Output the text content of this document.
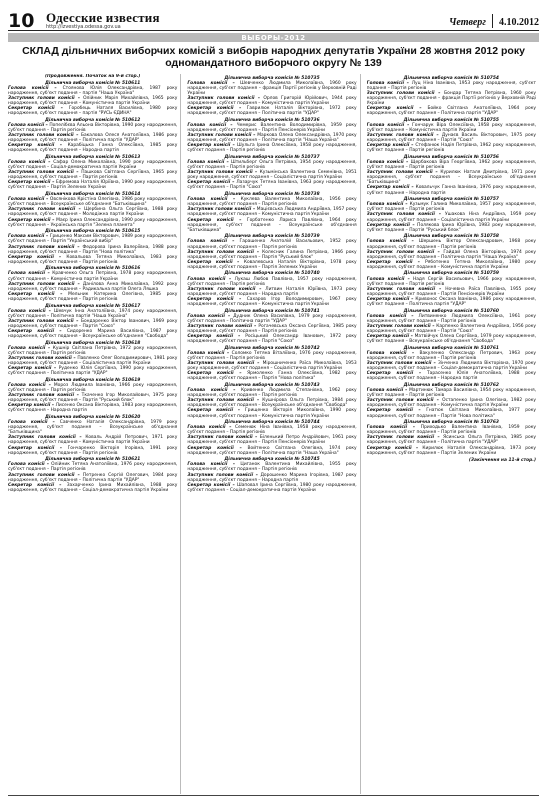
10 Одесские известия
http://izvestiya.odessa.gov.ua	Четверг 4.10.2012
ВЫБОРЫ-2012
СКЛАД дільничних виборчих комісій з виборів народних депутатів України 28 жовтня 2012 року одномандатного виборчого округу № 139
(Продовження. Початок на 9-й стор.)
Дільнична виборча комісія № 510611
Голова комісії – Стоянова Юлія Олександрівна, 1987 року народження, суб'єкт подання – партія "Наша Україна"
Заступник голови комісії – Олійник Марія Михайлівна, 1965 року народження, суб'єкт подання – Комуністична партія України
Секретар комісії – Горобець Наталя Василівна, 1980 року народження, суб'єкт подання – партія "РУСЬ ЄДИНА"
Дільнична виборча комісія № 510612
Голова комісії – Попелібєва Альона Вікторівна, 1990 року народження, суб'єкт подання – Партія регіонів
Заступник голови комісії – Бакалова Олеся Анатоліївна, 1986 року народження, суб'єкт подання – Політична партія "УДАР"
Секретар комісії – Карабіцька Ганна Олексіївна, 1985 року народження, суб'єкт подання – Народна партія
Дільнична виборча комісія № 510613
Голова комісії – Сафар Олена Миколаївна, 1990 року народження, суб'єкт подання – Соціал-демократична партія України
Заступник голови комісії – Пашкова Світлана Сергіївна, 1965 року народження, суб'єкт подання – Партія регіонів
Секретар комісії – Ефремова Наталія Юріївна, 1990 року народження, суб'єкт подання – Партія Зелених України
Дільнична виборча комісія № 510614
Голова комісії – Овсянікова Крістіна Олегівна, 1986 року народження, суб'єкт подання – Всеукраїнське об'єднання "Батьківщина"
Заступник голови комісії – Щербина Ольга Сергіївна, 1988 року народження, суб'єкт подання – Молодіжна партія України
Секретар комісії – Маєр Ірина Олександрівна, 1990 року народження, суб'єкт подання – Українська партія "Зелена планета"
Дільнична виборча комісія № 510615
Голова комісії – Гриценко Максим Вікторович, 1989 року народження, суб'єкт подання – Партія "Український вибір"
Заступник голови комісії – Федорова Ірина Валеріївна, 1988 року народження, суб'єкт подання – Партія "Нова політика"
Секретар комісії – Ковальова Тетяна Миколаївна, 1983 року народження, суб'єкт подання – Партія регіонів
Дільнична виборча комісія № 510616
Голова комісії – Кравченко Ольга Петрівна, 1978 року народження, суб'єкт подання – Комуністична партія України
Заступник голови комісії – Данілова Анна Миколаївна, 1992 року народження, суб'єкт подання – Радикальна партія Олега Ляшка
Секретар комісії – Мельник Катерина Олегівна, 1985 року народження, суб'єкт подання – Партія регіонів
Дільнична виборча комісія № 510617
Голова комісії – Шевчук Інна Анатоліївна, 1974 року народження, суб'єкт подання – Політична партія "Наша Україна"
Заступник голови комісії – Бондаренко Віктор Іванович, 1969 року народження, суб'єкт подання – Партія "Союз"
Секретар комісії – Сидоренко Марина Василівна, 1987 року народження, суб'єкт подання – Всеукраїнське об'єднання "Свобода"
Дільнична виборча комісія № 510618
Голова комісії – Кушнір Світлана Петрівна, 1972 року народження, суб'єкт подання – Партія регіонів
Заступник голови комісії – Павленко Олег Володимирович, 1981 року народження, суб'єкт подання – Соціалістична партія України
Секретар комісії – Руденко Юлія Сергіївна, 1990 року народження, суб'єкт подання – Політична партія "УДАР"
Дільнична виборча комісія № 510619
Голова комісії – Мороз Людмила Іванівна, 1966 року народження, суб'єкт подання – Партія регіонів
Заступник голови комісії – Ткаченко Ігор Миколайович, 1975 року народження, суб'єкт подання – Партія "Руський блок"
Секретар комісії – Лисенко Оксана Вікторівна, 1983 року народження, суб'єкт подання – Народна партія
Дільнична виборча комісія № 510620
Голова комісії – Савченко Наталія Олександрівна, 1979 року народження, суб'єкт подання – Всеукраїнське об'єднання "Батьківщина"
Заступник голови комісії – Коваль Андрій Петрович, 1971 року народження, суб'єкт подання – Комуністична партія України
Секретар комісії – Гончаренко Вікторія Ігорівна, 1991 року народження, суб'єкт подання – Партія регіонів
Дільнична виборча комісія № 510621
Голова комісії – Олійник Тетяна Анатоліївна, 1976 року народження, суб'єкт подання – Партія регіонів
Заступник голови комісії – Петренко Сергій Олегович, 1984 року народження, суб'єкт подання – Політична партія "УДАР"
Секретар комісії – Захарченко Ірина Михайлівна, 1988 року народження, суб'єкт подання – Соціал-демократична партія України
Дільнична виборча комісія № 510735
Голова комісії – Шевченко Людмила Миколаївна, 1960 року народження, суб'єкт подання – фракція Партії регіонів у Верховній Раді України
Заступник голови комісії – Орлов Григорій Юрійович, 1944 року народження, суб'єкт подання – Комуністична партія України
Секретар комісії – Гаврилюк Наталія Вікторівна, 1972 року народження, суб'єкт подання – Політична партія "УДАР"
Дільнична виборча комісія № 510736
Голова комісії – Чемерис Валентина Володимирівна, 1959 року народження, суб'єкт подання – Партія Пенсіонерів України
Заступник голови комісії – Маркова Олена Олександрівна, 1970 року народження, суб'єкт подання – Політична партія "Наша Україна"
Секретар комісії – Шульга Ірина Олексіївна, 1958 року народження, суб'єкт подання – Партія регіонів
Дільнична виборча комісія № 510737
Голова комісії – Штильберг Ольга Петрівна, 1954 року народження, суб'єкт подання – Партія регіонів
Заступник голови комісії – Кузьмінська Валентина Семенівна, 1951 року народження, суб'єкт подання – Соціалістична партія України
Секретар комісії – Лазарчук Тетяна Іванівна, 1963 року народження, суб'єкт подання – Партія "Союз"
Дільнична виборча комісія № 510738
Голова комісії – Куклева Валентина Миколаївна, 1956 року народження, суб'єкт подання – Партія регіонів
Заступник голови комісії – Мацієвська Людмила Андріївна, 1957 року народження, суб'єкт подання – Комуністична партія України
Секретар комісії – Горбатенко Лариса Павлівна, 1964 року народження, суб'єкт подання – Всеукраїнське об'єднання "Батьківщина"
Дільнична виборча комісія № 510739
Голова комісії – Гарашенко Анатолій Васильович, 1952 року народження, суб'єкт подання – Партія регіонів
Заступник голови комісії – Колесник Галина Петрівна, 1966 року народження, суб'єкт подання – Партія "Руський блок"
Секретар комісії – Ковалевська Наталія Вікторівна, 1978 року народження, суб'єкт подання – Партія Зелених України
Дільнична виборча комісія № 510740
Голова комісії – Лукаш Любов Павлівна, 1957 року народження, суб'єкт подання – Партія регіонів
Заступник голови комісії – Литвин Наталія Юріївна, 1973 року народження, суб'єкт подання – Народна партія
Секретар комісії – Сахаров Ігор Володимирович, 1967 року народження, суб'єкт подання – Комуністична партія України
Дільнична виборча комісія № 510741
Голова комісії – Дудник Олена Василівна, 1979 року народження, суб'єкт подання – Політична партія "УДАР"
Заступник голови комісії – Рогачевська Оксана Сергіївна, 1985 року народження, суб'єкт подання – Партія регіонів
Секретар комісії – Росіцький Олександр Іванович, 1972 року народження, суб'єкт подання – Партія "Союз"
Дільнична виборча комісія № 510742
Голова комісії – Соломко Тетяна Віталіївна, 1976 року народження, суб'єкт подання – Партія регіонів
Заступник голови комісії – Мірошниченко Раїса Миколаївна, 1953 року народження, суб'єкт подання – Соціалістична партія України
Секретар комісії – Ярмоленко Ганна Олексіївна, 1982 року народження, суб'єкт подання – Партія "Нова політика"
Дільнична виборча комісія № 510743
Голова комісії – Кривенко Людмила Степанівна, 1962 року народження, суб'єкт подання – Партія регіонів
Заступник голови комісії – Кушнірова Ольга Петрівна, 1984 року народження, суб'єкт подання – Всеукраїнське об'єднання "Свобода"
Секретар комісії – Грищенко Вікторія Миколаївна, 1990 року народження, суб'єкт подання – Комуністична партія України
Дільнична виборча комісія № 510744
Голова комісії – Семенюк Ніна Іванівна, 1958 року народження, суб'єкт подання – Партія регіонів
Заступник голови комісії – Біленький Петро Андрійович, 1961 року народження, суб'єкт подання – Партія Пенсіонерів України
Секретар комісії – Войтенко Світлана Олегівна, 1974 року народження, суб'єкт подання – Політична партія "Наша Україна"
Дільнична виборча комісія № 510745
Голова комісії – Циганок Валентина Михайлівна, 1955 року народження, суб'єкт подання – Партія регіонів
Заступник голови комісії – Дорошенко Марина Ігорівна, 1987 року народження, суб'єкт подання – Народна партія
Секретар комісії – Шаповал Ірина Сергіївна, 1980 року народження, суб'єкт подання – Соціал-демократична партія України
Дільнична виборча комісія № 510754
Голова комісії – Луц Ніна Іванівна, 1953 року народження, суб'єкт подання – Партія регіонів
Заступник голови комісії – Бондар Тетяна Петрівна, 1960 року народження, суб'єкт подання – фракція Партії регіонів у Верховній Раді України
Секретар комісії – Бойко Світлана Анатоліївна, 1964 року народження, суб'єкт подання – Політична партія "УДАР"
Дільнична виборча комісія № 510755
Голова комісії – Гончарук Віра Олексіївна, 1958 року народження, суб'єкт подання – Комуністична партія України
Заступник голови комісії – Дунаєв Василь Вікторович, 1975 року народження, суб'єкт подання – Партія "Союз"
Секретар комісії – Стефанюк Надія Петрівна, 1962 року народження, суб'єкт подання – Партія регіонів
Дільнична виборча комісія № 510756
Голова комісії – Щербакова Віра Георгіївна, 1962 року народження, суб'єкт подання – Партія регіонів
Заступник голови комісії – Курилюк Наталя Дмитрівна, 1971 року народження, суб'єкт подання – Всеукраїнське об'єднання "Батьківщина"
Секретар комісії – Ковальчук Ганна Іванівна, 1976 року народження, суб'єкт подання – Народна партія
Дільнична виборча комісія № 510757
Голова комісії – Кузьмук Галина Миколаївна, 1957 року народження, суб'єкт подання – Партія регіонів
Заступник голови комісії – Ушакова Ніна Андріївна, 1959 року народження, суб'єкт подання – Соціалістична партія України
Секретар комісії – Полякова Ірина Юріївна, 1983 року народження, суб'єкт подання – Партія "Руський блок"
Дільнична виборча комісія № 510758
Голова комісії – Шершень Віктор Олександрович, 1968 року народження, суб'єкт подання – Партія регіонів
Заступник голови комісії – Гайдай Олена Вікторівна, 1974 року народження, суб'єкт подання – Політична партія "Наша Україна"
Секретар комісії – Ряботенко Тетяна Миколаївна, 1980 року народження, суб'єкт подання – Комуністична партія України
Дільнична виборча комісія № 510759
Голова комісії – Надя Сергій Васильович, 1966 року народження, суб'єкт подання – Партія регіонів
Заступник голови комісії – Ночевна Раїса Павлівна, 1955 року народження, суб'єкт подання – Партія Пенсіонерів України
Секретар комісії – Кривонос Оксана Іванівна, 1986 року народження, суб'єкт подання – Політична партія "УДАР"
Дільнична виборча комісія № 510760
Голова комісії – Литвиненко Людмила Олексіївна, 1961 року народження, суб'єкт подання – Партія регіонів
Заступник голови комісії – Карпенко Валентина Андріївна, 1956 року народження, суб'єкт подання – Партія "Союз"
Секретар комісії – Матвійчук Олена Сергіївна, 1979 року народження, суб'єкт подання – Всеукраїнське об'єднання "Свобода"
Дільнична виборча комісія № 510761
Голова комісії – Вакуленко Олександр Петрович, 1963 року народження, суб'єкт подання – Партія регіонів
Заступник голови комісії – Зінченко Людмила Вікторівна, 1970 року народження, суб'єкт подання – Соціал-демократична партія України
Секретар комісії – Тарасенко Юлія Анатоліївна, 1988 року народження, суб'єкт подання – Народна партія
Дільнична виборча комісія № 510762
Голова комісії – Мартинюк Тамара Василівна, 1954 року народження, суб'єкт подання – Партія регіонів
Заступник голови комісії – Остапенко Ірина Олегівна, 1982 року народження, суб'єкт подання – Комуністична партія України
Секретар комісії – Гнатюк Світлана Миколаївна, 1977 року народження, суб'єкт подання – Партія "Нова політика"
Дільнична виборча комісія № 510763
Голова комісії – Приходько Валентина Іванівна, 1959 року народження, суб'єкт подання – Партія регіонів
Заступник голови комісії – Ясинська Ольга Петрівна, 1985 року народження, суб'єкт подання – Політична партія "УДАР"
Секретар комісії – Кирилюк Наталія Олександрівна, 1973 року народження, суб'єкт подання – Партія Зелених України
(Закінчення на 11-й стор.)
